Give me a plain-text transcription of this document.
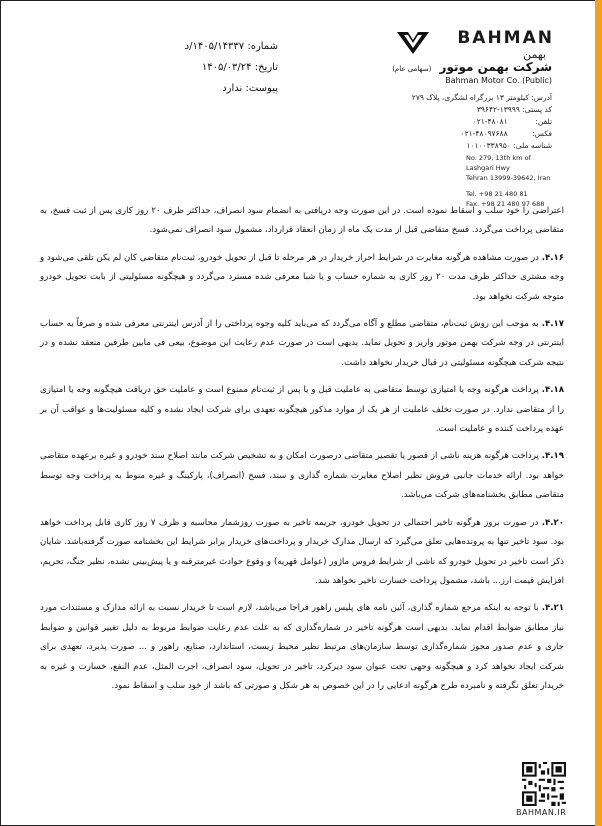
شماره: ۱۴۰۵/۱۴۳۳۷/د
تاریخ: ۱۴۰۵/۰۳/۲۴
پیوست: ندارد
BAHMAN
بهمن
شرکت بهمن موتور (سهامی عام)
Bahman Motor Co. (Public)
آدرس: کیلومتر ۱۳ بزرگراه لشگری، پلاک ۲۷۹
کد پستی: ۱۳۹۹۹-۳۹۶۴۲
تلفن: ۰۲۱-۴۸۰۸۱
فکس: ۰۲۱-۴۸۰۹۷۶۸۸
شناسه ملی: ۱۰۱۰۰۳۳۸۹۵۰
No. 279, 13th km of Lashgari Hwy
Tehran 13999-39642, Iran
Tel. +98 21 480 81
Fax. +98 21 480 97 688

اعتراضی را خود سلب و اسقاط نموده است. در این صورت وجه دریافتی به انضمام سود انصراف، حداکثر ظرف ۲۰ روز کاری پس از ثبت فسخ، به متقاضی پرداخت می‌گردد. فسخ متقاضی قبل از مدت یک ماه از زمان انعقاد قرارداد، مشمول سود انصراف نمی‌شود.

۴.۱۶. در صورت مشاهده هرگونه مغایرت در شرایط احراز خریدار در هر مرحله تا قبل از تحویل خودرو، ثبت‌نام متقاضی کان لم یکن تلقی می‌شود و وجه مشتری حداکثر ظرف مدت ۲۰ روز کاری به شماره حساب و یا شبا معرفی شده مسترد می‌گردد و هیچگونه مسئولیتی از بابت تحویل خودرو متوجه شرکت نخواهد بود.

۴.۱۷. به موجب این روش ثبت‌نام، متقاضی مطلع و آگاه می‌گردد که می‌باید کلیه وجوه پرداختی را از آدرس اینترنتی معرفی شده و صرفاً به حساب اینترنتی در وجه شرکت بهمن موتور واریز و تحویل نماید. بدیهی است در صورت عدم رعایت این موضوع، بیعی فی مابین طرفین منعقد نشده و در نتیجه شرکت هیچگونه مسئولیتی در قبال خریدار نخواهد داشت.

۴.۱۸. پرداخت هرگونه وجه یا امتیازی توسط متقاضی به عاملیت قبل و یا پس از ثبت‌نام ممنوع است و عاملیت حق دریافت هیچگونه وجه یا امتیازی را از متقاضی ندارد. در صورت تخلف عاملیت از هر یک از موارد مذکور هیچگونه تعهدی برای شرکت ایجاد نشده و کلیه مسئولیت‌ها و عواقب آن بر عهده پرداخت کننده و عاملیت است.

۴.۱۹. پرداخت هرگونه هزینه ناشی از قصور یا تقصیر متقاضی درصورت امکان و به تشخیص شرکت مانند اصلاح سند خودرو و غیره برعهده متقاضی خواهد بود. ارائه خدمات جانبی فروش نظیر اصلاح مغایرت شماره گذاری و سند، فسخ (انصراف)، پارکینگ و غیره منوط به پرداخت وجه توسط متقاضی مطابق بخشنامه‌های شرکت می‌باشد.

۴.۲۰. در صورت بروز هرگونه تاخیر احتمالی در تحویل خودرو، جریمه تاخیر به صورت روزشمار محاسبه و ظرف ۷ روز کاری قابل پرداخت خواهد بود. سود تاخیر تنها به پرونده‌هایی تعلق می‌گیرد که ارسال مدارک خریدار و پرداخت‌های خریدار برابر شرایط این بخشنامه صورت گرفته‌باشد. شایان ذکر است تاخیر در تحویل خودرو که ناشی از شرایط فروس ماژور (عوامل قهریه) و وقوع حوادث غیرمترقبه و یا پیش‌بینی نشده، نظیر جنگ، تحریم، افزایش قیمت ارز... باشد، مشمول پرداخت خسارت تاخیر نخواهد شد.

۴.۲۱. با توجه به اینکه مرجع شماره گذاری، آئین نامه های پلیس راهور فراجا می‌باشد، لازم است تا خریدار نسبت به ارائه مدارک و مستندات مورد نیاز مطابق ضوابط اقدام نماید. بدیهی است هرگونه تاخیر در شماره‌گذاری که به علت عدم رعایت ضوابط مربوط به دلیل تغییر قوانین و ضوابط جاری و عدم صدور مجوز شماره‌گذاری توسط سازمان‌های مرتبط نظیر محیط زیست، استاندارد، صنایع، راهور و ... صورت پذیرد، تعهدی برای شرکت ایجاد نخواهد کرد و هیچگونه وجهی تحت عنوان سود دیرکرد، تاخیر در تحویل، سود انصراف، اجرت المثل، عدم النفع، خسارت و غیره به خریدار تعلق نگرفته و نامبرده طرح هرگونه ادعایی را در این خصوص به هر شکل و صورتی که باشد از خود سلب و اسقاط نمود.

BAHMAN.IR
